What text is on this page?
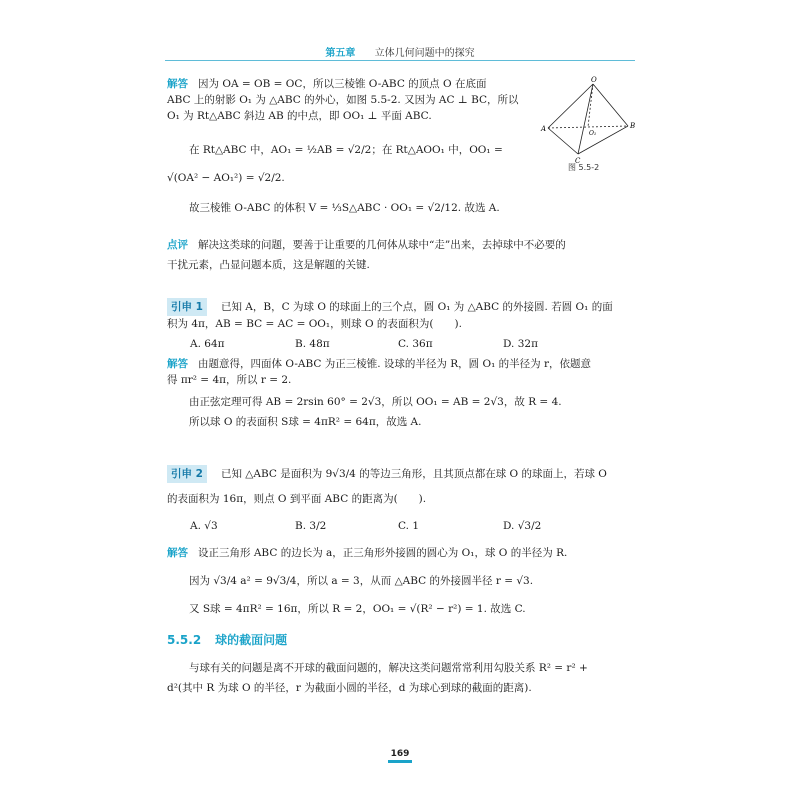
第五章 立体几何问题中的探究
解答 因为 OA = OB = OC，所以三棱锥 O-ABC 的顶点 O 在底面
ABC 上的射影 O₁ 为 △ABC 的外心，如图 5.5-2. 又因为 AC ⊥ BC，所以
O₁ 为 Rt△ABC 斜边 AB 的中点，即 OO₁ ⊥ 平面 ABC.
在 Rt△ABC 中，AO₁ = ½AB = √2/2；在 Rt△AOO₁ 中，OO₁ =
√(OA² − AO₁²) = √2/2.
故三棱锥 O-ABC 的体积 V = ⅓S△ABC · OO₁ = √2/12. 故选 A.
O
A	B
C
O₁
图 5.5-2
点评 解决这类球的问题，要善于让重要的几何体从球中“走”出来，去掉球中不必要的
干扰元素，凸显问题本质，这是解题的关键.
引申 1 已知 A，B，C 为球 O 的球面上的三个点，圆 O₁ 为 △ABC 的外接圆. 若圆 O₁ 的面
积为 4π，AB = BC = AC = OO₁，则球 O 的表面积为(　　).
A. 64π	B. 48π	C. 36π	D. 32π
解答 由题意得，四面体 O-ABC 为正三棱锥. 设球的半径为 R，圆 O₁ 的半径为 r，依题意
得 πr² = 4π，所以 r = 2.
由正弦定理可得 AB = 2rsin 60° = 2√3，所以 OO₁ = AB = 2√3，故 R = 4.
所以球 O 的表面积 S球 = 4πR² = 64π，故选 A.
引申 2 已知 △ABC 是面积为 9√3/4 的等边三角形，且其顶点都在球 O 的球面上，若球 O
的表面积为 16π，则点 O 到平面 ABC 的距离为(　　).
A. √3	B. 3/2	C. 1	D. √3/2
解答 设正三角形 ABC 的边长为 a，正三角形外接圆的圆心为 O₁，球 O 的半径为 R.
因为 √3/4 a² = 9√3/4，所以 a = 3，从而 △ABC 的外接圆半径 r = √3.
又 S球 = 4πR² = 16π，所以 R = 2，OO₁ = √(R² − r²) = 1. 故选 C.
5.5.2 球的截面问题
与球有关的问题是离不开球的截面问题的，解决这类问题常常利用勾股关系 R² = r² +
d²(其中 R 为球 O 的半径，r 为截面小圆的半径，d 为球心到球的截面的距离).
169
